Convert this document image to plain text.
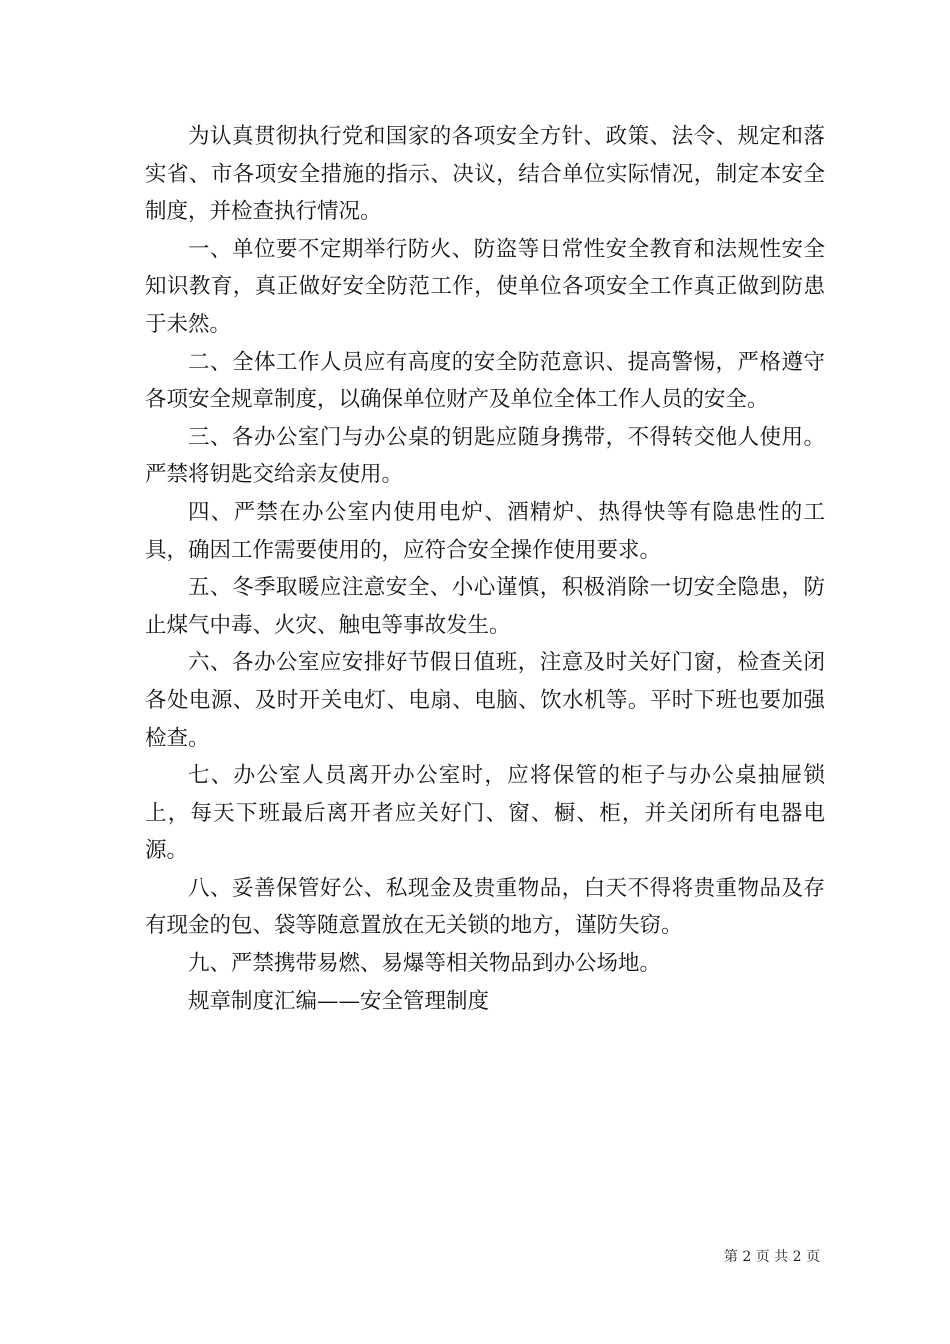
为认真贯彻执行党和国家的各项安全方针、政策、法令、规定和落实省、市各项安全措施的指示、决议，结合单位实际情况，制定本安全制度，并检查执行情况。

一、单位要不定期举行防火、防盗等日常性安全教育和法规性安全知识教育，真正做好安全防范工作，使单位各项安全工作真正做到防患于未然。

二、全体工作人员应有高度的安全防范意识、提高警惕，严格遵守各项安全规章制度，以确保单位财产及单位全体工作人员的安全。

三、各办公室门与办公桌的钥匙应随身携带，不得转交他人使用。严禁将钥匙交给亲友使用。

四、严禁在办公室内使用电炉、酒精炉、热得快等有隐患性的工具，确因工作需要使用的，应符合安全操作使用要求。

五、冬季取暖应注意安全、小心谨慎，积极消除一切安全隐患，防止煤气中毒、火灾、触电等事故发生。

六、各办公室应安排好节假日值班，注意及时关好门窗，检查关闭各处电源、及时开关电灯、电扇、电脑、饮水机等。平时下班也要加强检查。

七、办公室人员离开办公室时，应将保管的柜子与办公桌抽屉锁上，每天下班最后离开者应关好门、窗、橱、柜，并关闭所有电器电源。

八、妥善保管好公、私现金及贵重物品，白天不得将贵重物品及存有现金的包、袋等随意置放在无关锁的地方，谨防失窃。

九、严禁携带易燃、易爆等相关物品到办公场地。

规章制度汇编——安全管理制度

第 2 页 共 2 页
